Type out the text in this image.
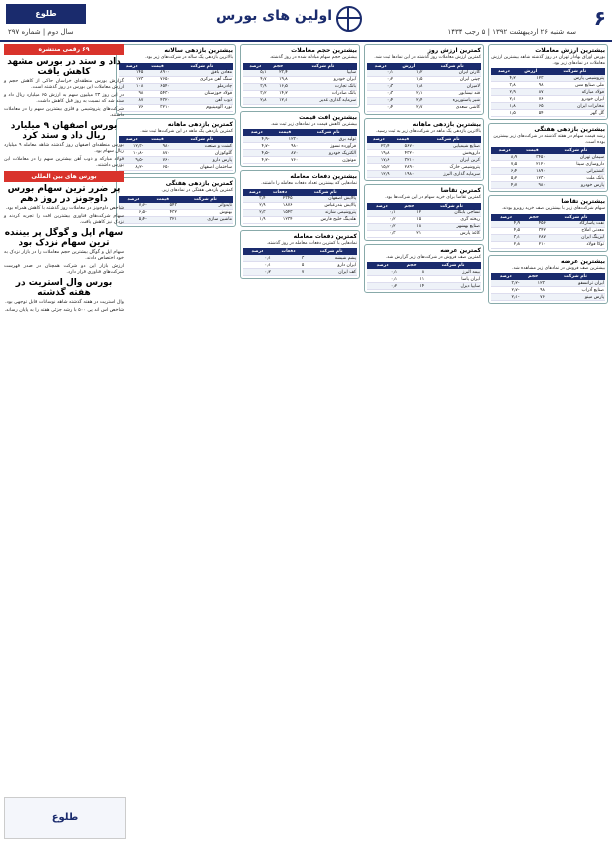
۶
اولین های بورس
سه شنبه ۲۶ اردیبهشت ۱۳۹۲ | ۵ رجب ۱۴۳۴
سال دوم | شماره ۲۹۷
طلوع
بیشترین ارزش معاملات

بورس اوراق بهادار تهران در روز گذشته شاهد بیشترین ارزش معاملات در نمادهای زیر بود.

نام شرکت	ارزش	درصد
پتروشیمی پارس	۱۲۳	۴٫۲
ملی صنایع مس	۹۸	۳٫۸
فولاد مبارکه	۸۷	۲٫۹
ایران خودرو	۷۶	۲٫۱
مخابرات ایران	۶۵	۱٫۸
گل گهر	۵۴	۱٫۵
بیشترین بازدهی هفتگی

رشد قیمت سهام در هفته گذشته در شرکت‌های زیر بیشترین بوده است.

نام شرکت	قیمت	درصد
سیمان تهران	۳۴۵۰	۸٫۹
داروسازی سینا	۲۱۲۰	۷٫۵
کشتیرانی	۱۸۹۰	۶٫۴
بانک ملت	۱۲۳۰	۵٫۲
پارس خودرو	۹۸۰	۴٫۷
بیشترین تقاضا

سهام شرکت‌های زیر با بیشترین صف خرید روبرو بودند.

نام شرکت	حجم	درصد
نفت پاسارگاد	۴۵۶	۴٫۹
معدنی املاح	۳۴۲	۴٫۵
لیزینگ ایران	۲۸۷	۳٫۱
توکا فولاد	۲۱۰	۲٫۸
بیشترین عرضه

بیشترین صف فروش در نمادهای زیر مشاهده شد.

نام شرکت	حجم	درصد
ایران ترانسفو	۱۲۳	-۳٫۲
صنایع آذراب	۹۸	-۲٫۷
پارس مینو	۷۶	-۲٫۱
کمترین ارزش روز

کمترین ارزش معاملات روز گذشته در این نمادها ثبت شد.

نام شرکت	ارزش	درصد
کارتن ایران	۱٫۲	۰٫۱
چینی ایران	۱٫۵	۰٫۲
لامیران	۱٫۸	۰٫۳
قند نیشابور	۲٫۱	۰٫۳
شیر پاستوریزه	۲٫۴	۰٫۴
کاشی سعدی	۲٫۷	۰٫۴
بیشترین بازدهی ماهانه

بالاترین بازدهی یک ماهه در شرکت‌های زیر به ثبت رسید.

نام شرکت	قیمت	درصد
صنایع شیمیایی	۵۶۷۰	۲۳٫۴
داروپخش	۴۳۲۰	۱۹٫۸
کربن ایران	۳۲۱۰	۱۷٫۶
پتروشیمی خارک	۲۸۹۰	۱۵٫۲
سرمایه گذاری البرز	۱۹۸۰	۱۲٫۹
کمترین تقاضا

کمترین تقاضا برای خرید سهام در این شرکت‌ها بود.

نام شرکت	حجم	درصد
نساجی بابکان	۱۲	۰٫۱
ریخته گری	۱۵	۰٫۲
صنایع بهشهر	۱۸	۰٫۲
کاغذ پارس	۲۱	۰٫۳
کمترین عرضه

کمترین صف فروش در شرکت‌های زیر گزارش شد.

نام شرکت	حجم	درصد
بیمه البرز	۸	۰٫۱
ایران یاسا	۱۱	۰٫۱
سایپا دیزل	۱۴	۰٫۲
بیشترین حجم معاملات

بیشترین حجم سهام مبادله شده در روز گذشته.

نام شرکت	حجم	درصد
سایپا	۲۳٫۴	۵٫۱
ایران خودرو	۱۹٫۸	۴٫۷
بانک تجارت	۱۶٫۵	۳٫۹
بانک صادرات	۱۴٫۲	۳٫۲
سرمایه گذاری غدیر	۱۲٫۱	۲٫۸
بیشترین افت قیمت

بیشترین کاهش قیمت در نمادهای زیر ثبت شد.

نام شرکت	قیمت	درصد
تولید برق	۱۲۳۰	-۴٫۹
فرآورده نسوز	۹۸۰	-۴٫۷
الکتریک خودرو	۸۷۰	-۴٫۵
موتوژن	۷۶۰	-۴٫۲
بیشترین دفعات معامله

نمادهایی که بیشترین تعداد دفعات معامله را داشتند.

نام شرکت	دفعات	درصد
پالایش اصفهان	۲۳۴۵	۳٫۴
پالایش بندرعباس	۱۸۷۶	۲٫۹
پتروشیمی شازند	۱۵۴۳	۲٫۳
هلدینگ خلیج فارس	۱۲۳۴	۱٫۹
کمترین دفعات معامله

نمادهایی با کمترین دفعات معامله در روز گذشته.

نام شرکت	دفعات	درصد
پشم شیشه	۳	۰٫۱
ایران دارو	۵	۰٫۱
کف ایران	۷	۰٫۲
بیشترین بازدهی سالانه

بالاترین بازدهی یک ساله در شرکت‌های زیر بود.

نام شرکت	قیمت	درصد
معادن بافق	۸۹۰۰	۱۴۵
سنگ آهن مرکزی	۷۶۵۰	۱۲۳
چادرملو	۶۵۴۰	۱۰۸
فولاد خوزستان	۵۴۳۰	۹۸
ذوب آهن	۴۳۲۰	۸۷
نورد آلومینیوم	۳۲۱۰	۷۶
کمترین بازدهی ماهانه

کمترین بازدهی یک ماهه در این شرکت‌ها ثبت شد.

نام شرکت	قیمت	درصد
کشت و صنعت	۹۸۰	-۱۲٫۳
گلوکوزان	۸۷۰	-۱۰٫۸
پارس دارو	۷۶۰	-۹٫۵
ساختمان اصفهان	۶۵۰	-۸٫۲
کمترین بازدهی هفتگی

کمترین بازدهی هفتگی در نمادهای زیر.

نام شرکت	قیمت	درصد
تایدواتر	۵۴۳	-۷٫۶
بهنوش	۴۳۲	-۶٫۵
ماشین سازی	۳۲۱	-۵٫۴
۶۹ رقمی منتشره
داد و ستد در بورس مشهد کاهش یافت

گزارش بورس منطقه‌ای خراسان حاکی از کاهش حجم و ارزش معاملات این بورس در روز گذشته است.

در این روز ۲۳ میلیون سهم به ارزش ۶۵ میلیارد ریال داد و ستد شد که نسبت به روز قبل کاهش داشت.

شرکت‌های پتروشیمی و فلزی بیشترین سهم را در معاملات داشتند.

بورس اصفهان ۹ میلیارد ریال داد و ستد کرد

بورس منطقه‌ای اصفهان روز گذشته شاهد معامله ۹ میلیارد ریال سهام بود.

فولاد مبارکه و ذوب آهن بیشترین سهم را در معاملات این بورس داشتند.

بورس های بین المللی
پر ضرر ترین سهام بورس داوجونز در روز دهم

شاخص داوجونز در معاملات روز گذشته با کاهش همراه بود.

سهام شرکت‌های فناوری بیشترین افت را تجربه کردند و نزدک نیز کاهش یافت.

سهام اپل و گوگل پر بیننده ترین سهام نزدک بود

سهام اپل و گوگل بیشترین حجم معاملات را در بازار نزدک به خود اختصاص دادند.

ارزش بازار این دو شرکت همچنان در صدر فهرست شرکت‌های فناوری قرار دارد.

بورس وال استریت در هفته گذشته

وال استریت در هفته گذشته شاهد نوسانات قابل توجهی بود.

شاخص اس اند پی ۵۰۰ با رشد جزئی هفته را به پایان رساند.

طلوع
